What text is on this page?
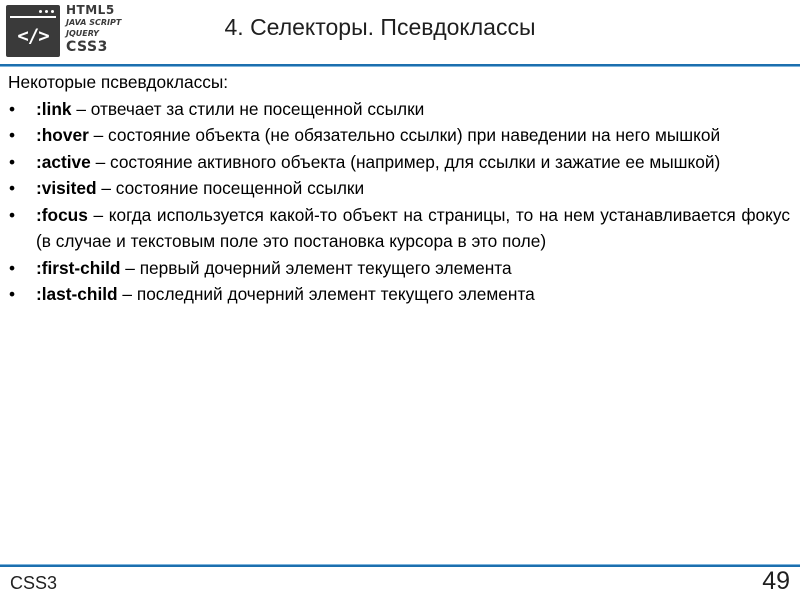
</>
HTML5
JAVA SCRIPT
JQUERY
CSS3
4. Селекторы. Псевдоклассы

Некоторые псвевдоклассы:

•	:link – отвечает за стили не посещенной ссылки
•	:hover – состояние объекта (не обязательно ссылки) при наведении на него мышкой
•	:active – состояние активного объекта (например, для ссылки и зажатие ее мышкой)
•	:visited – состояние посещенной ссылки
•	:focus – когда используется какой-то объект на страницы, то на нем устанавливается фокус (в случае и текстовым поле это постановка курсора в это поле)
•	:first-child – первый дочерний элемент текущего элемента
•	:last-child – последний дочерний элемент текущего элемента
CSS3	49
